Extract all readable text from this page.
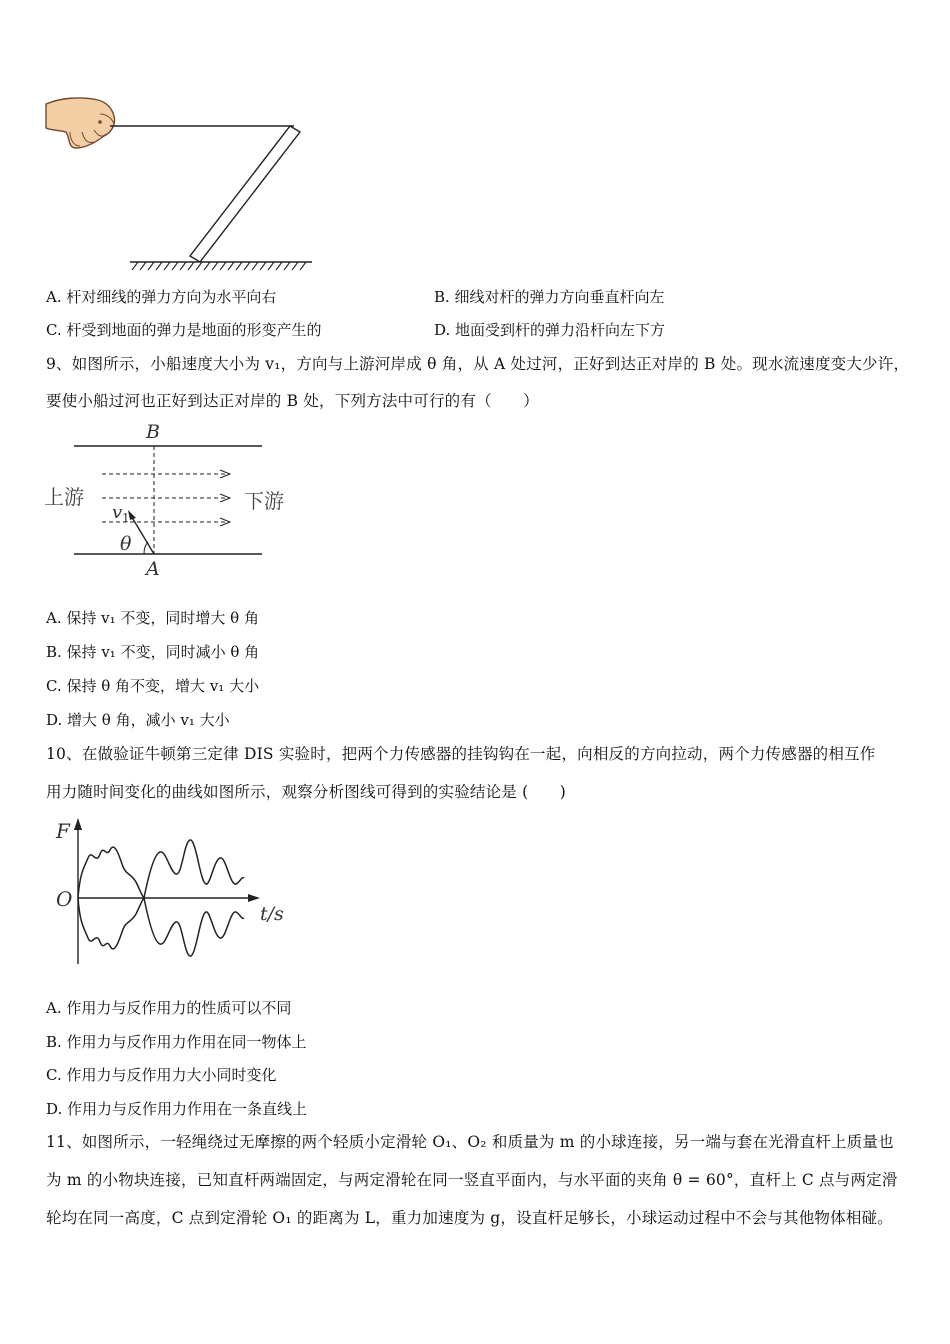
A. 杆对细线的弹力方向为水平向右	B. 细线对杆的弹力方向垂直杆向左
C. 杆受到地面的弹力是地面的形变产生的	D. 地面受到杆的弹力沿杆向左下方
9、如图所示，小船速度大小为 v₁，方向与上游河岸成 θ 角，从 A 处过河，正好到达正对岸的 B 处。现水流速度变大少许，
要使小船过河也正好到达正对岸的 B 处，下列方法中可行的有（　　）
B
A
上游	下游
v 1
θ
A. 保持 v₁ 不变，同时增大 θ 角
B. 保持 v₁ 不变，同时减小 θ 角
C. 保持 θ 角不变，增大 v₁ 大小
D. 增大 θ 角，减小 v₁ 大小
10、在做验证牛顿第三定律 DIS 实验时，把两个力传感器的挂钩钩在一起，向相反的方向拉动，两个力传感器的相互作
用力随时间变化的曲线如图所示，观察分析图线可得到的实验结论是 (　　)
F
O
t/s
A. 作用力与反作用力的性质可以不同
B. 作用力与反作用力作用在同一物体上
C. 作用力与反作用力大小同时变化
D. 作用力与反作用力作用在一条直线上
11、如图所示，一轻绳绕过无摩擦的两个轻质小定滑轮 O₁、O₂ 和质量为 m 的小球连接，另一端与套在光滑直杆上质量也
为 m 的小物块连接，已知直杆两端固定，与两定滑轮在同一竖直平面内，与水平面的夹角 θ = 60°，直杆上 C 点与两定滑
轮均在同一高度，C 点到定滑轮 O₁ 的距离为 L，重力加速度为 g，设直杆足够长，小球运动过程中不会与其他物体相碰。
